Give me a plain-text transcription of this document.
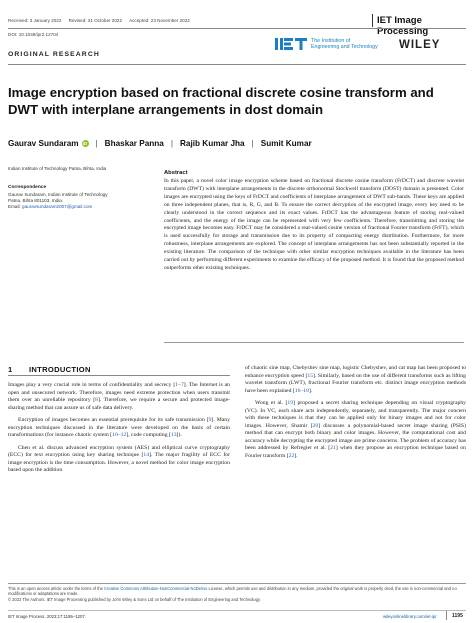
Received: 3 January 2022 Revised: 31 October 2022 Accepted: 23 November 2022	IET Image Processing
DOI: 10.1049/ipr2.12704
The Institution of
Engineering and Technology WILEY
ORIGINAL RESEARCH
Image encryption based on fractional discrete cosine transform and DWT with interplane arrangements in dost domain
Gaurav Sundaram iD | Bhaskar Panna | Rajib Kumar Jha | Sumit Kumar
Indian Institute of Technology Patna, Bihta, India
Correspondence
Gaurav Sundaram, Indian Institute of Technology
Patna, Bihta 801103, India.
Email: gauravsundaram2007@gmail.com
Abstract
In this paper, a novel color image encryption scheme based on fractional discrete cosine transform (FrDCT) and discrete wavelet transform (DWT) with interplane arrangements in the discrete orthonormal Stockwell transform (DOST) domain is presented. Color images are encrypted using the keys of FrDCT and coefficients of interplane arrangement of DWT sub-bands. These keys are applied on three independent planes, that is, R, G, and B. To ensure the correct decryption of the encrypted image, every key need to be clearly understood in the correct sequence and its exact values. FrDCT has the advantageous feature of storing real-valued coefficients, and the energy of the image can be represented with very few coefficients. Therefore, transmitting and storing the encrypted image becomes easy. FrDCT may be considered a real-valued cosine version of fractional Fourier transform (FrFT), which is used successfully for storage and transmission due to its property of compacting energy distribution. Furthermore, for more robustness, interplane arrangements are explored. The concept of interplane arrangements has not been substantially reported in the existing literature. The comparison of the technique with other similar encryption techniques available in the literature has been carried out by performing different experiments to examine the efficacy of the proposed method. It is found that the proposed method outperforms other existing techniques.
1 INTRODUCTION

Images play a very crucial role in terms of confidentiality and secrecy [1–7]. The Internet is an open and unsecured network. Therefore, images need extreme protection when users transmit them over an unreliable repository [8]. Therefore, we require a secure and protected image-sharing method that can assure us of safe data delivery.

Encryption of images becomes an essential prerequisite for its safe transmission [9]. Many encryption techniques discussed in the literature were developed on the basis of certain transformations (for instance chaotic system [10–12], code computing [13]).

Chen et al. discuss advanced encryption system (AES) and elliptical curve cryptography (ECC) for text encryption using key sharing technique [14]. The major fragility of ECC for image encryption is the time consumption. However, a novel method for color image encryption based upon the addition

of chaotic sine map, Chebyshev sine map, logistic Chebyshev, and cat map has been proposed to enhance encryption speed [15]. Similarly, based on the use of different transforms such as lifting wavelet transform (LWT), fractional Fourier transform etc. distinct image encryption methods have been explained [16–18].

Wong et al. [19] proposed a secret sharing technique depending on visual cryptography (VC). In VC, each share acts independently, separately, and transparently. The major concern with these techniques is that they can be applied only for binary images and not for color images. However, Shamir [20] discusses a polynomial-based secret image sharing (PSIS) method that can encrypt both binary and color images. However, the computational cost and accuracy while decrypting the encrypted image are prime concerns. The problem of accuracy has been addressed by Refregier et al. [21] when they propose an encryption technique based on Fourier transform [22].

This is an open access article under the terms of the Creative Commons Attribution-NonCommercial-NoDerivs License, which permits use and distribution in any medium, provided the original work is properly cited, the use is non-commercial and no modifications or adaptations are made.
© 2022 The Authors. IET Image Processing published by John Wiley & Sons Ltd on behalf of The Institution of Engineering and Technology.
IET Image Process. 2023;17:1195–1207.	wileyonlinelibrary.com/iet-ipr	1195
